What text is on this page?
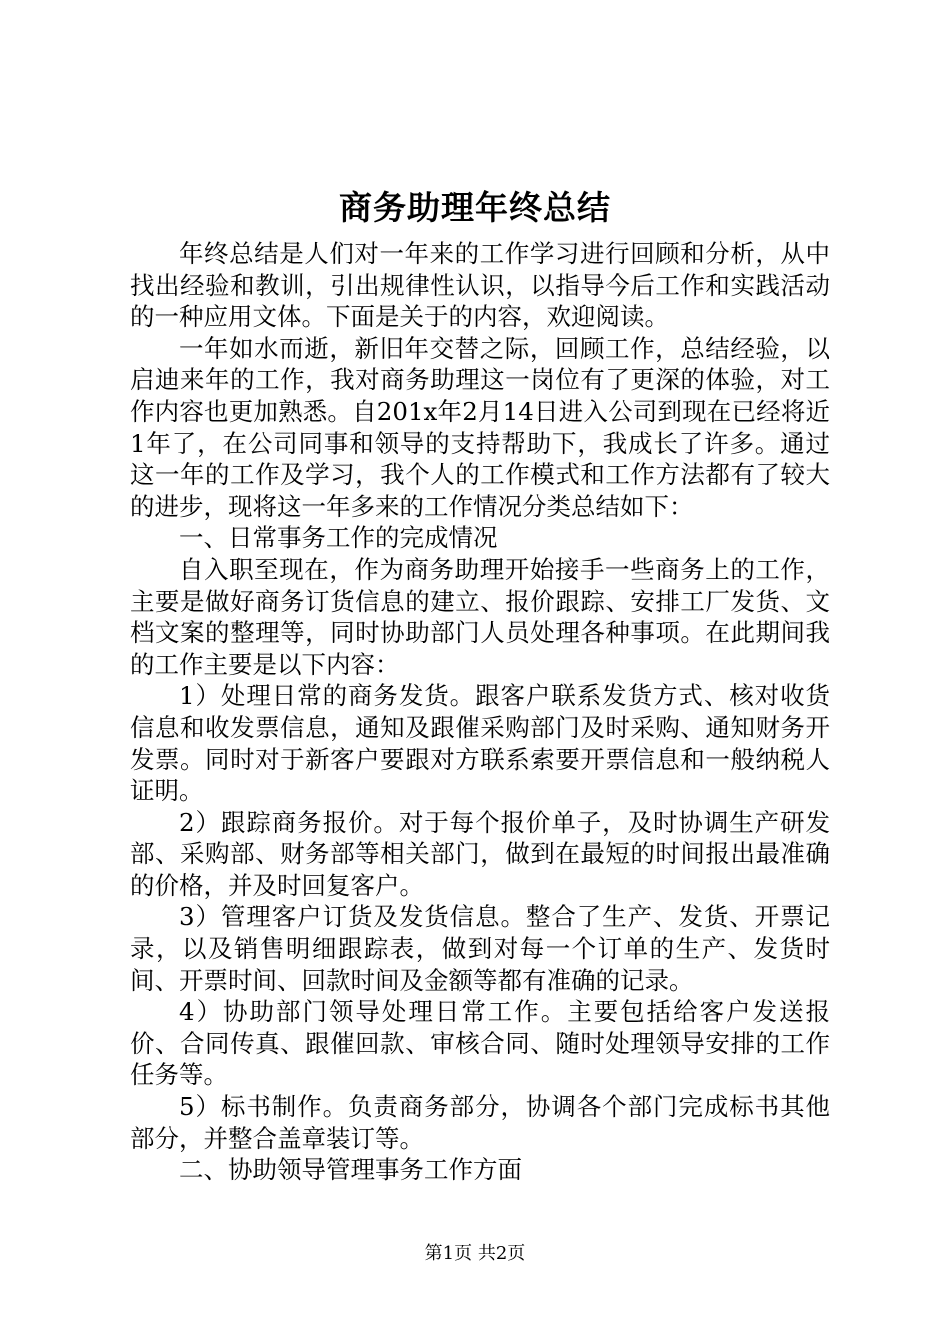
商务助理年终总结

年终总结是人们对一年来的工作学习进行回顾和分析，从中找出经验和教训，引出规律性认识，以指导今后工作和实践活动的一种应用文体。下面是关于的内容，欢迎阅读。

一年如水而逝，新旧年交替之际，回顾工作，总结经验，以启迪来年的工作，我对商务助理这一岗位有了更深的体验，对工作内容也更加熟悉。自201x年2月14日进入公司到现在已经将近1年了，在公司同事和领导的支持帮助下，我成长了许多。通过这一年的工作及学习，我个人的工作模式和工作方法都有了较大的进步，现将这一年多来的工作情况分类总结如下：

一、日常事务工作的完成情况

自入职至现在，作为商务助理开始接手一些商务上的工作，主要是做好商务订货信息的建立、报价跟踪、安排工厂发货、文档文案的整理等，同时协助部门人员处理各种事项。在此期间我的工作主要是以下内容：

1）处理日常的商务发货。跟客户联系发货方式、核对收货信息和收发票信息，通知及跟催采购部门及时采购、通知财务开发票。同时对于新客户要跟对方联系索要开票信息和一般纳税人证明。

2）跟踪商务报价。对于每个报价单子，及时协调生产研发部、采购部、财务部等相关部门，做到在最短的时间报出最准确的价格，并及时回复客户。

3）管理客户订货及发货信息。整合了生产、发货、开票记录，以及销售明细跟踪表，做到对每一个订单的生产、发货时间、开票时间、回款时间及金额等都有准确的记录。

4）协助部门领导处理日常工作。主要包括给客户发送报价、合同传真、跟催回款、审核合同、随时处理领导安排的工作任务等。

5）标书制作。负责商务部分，协调各个部门完成标书其他部分，并整合盖章装订等。

二、协助领导管理事务工作方面

第1页 共2页
